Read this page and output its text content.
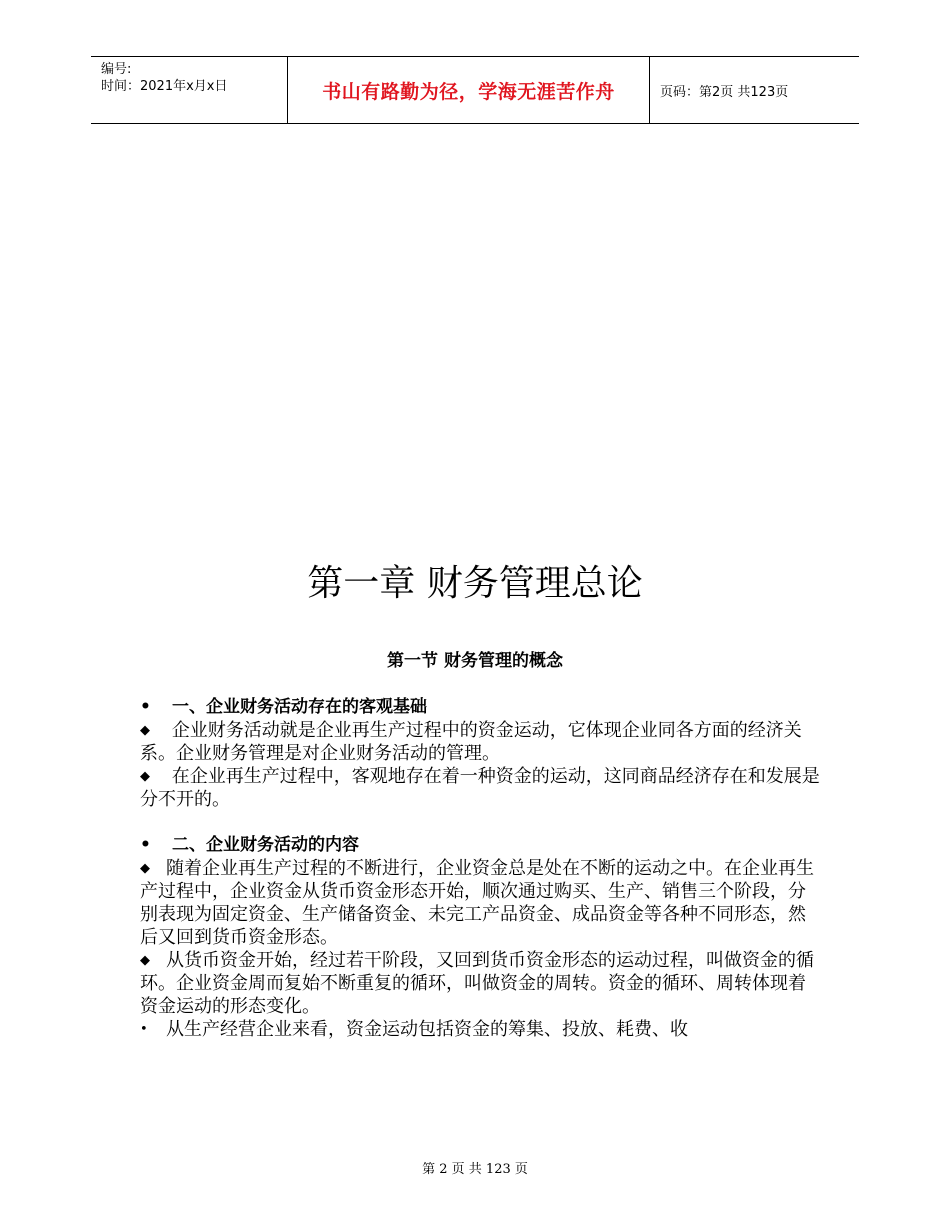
编号:
时间：2021年x月x日	书山有路勤为径，学海无涯苦作舟	页码：第2页 共123页
第一章 财务管理总论
第一节 财务管理的概念

• 一、企业财务活动存在的客观基础

◆ 企业财务活动就是企业再生产过程中的资金运动，它体现企业同各方面的经济关系。企业财务管理是对企业财务活动的管理。

◆ 在企业再生产过程中，客观地存在着一种资金的运动，这同商品经济存在和发展是分不开的。

• 二、企业财务活动的内容

◆ 随着企业再生产过程的不断进行，企业资金总是处在不断的运动之中。在企业再生产过程中，企业资金从货币资金形态开始，顺次通过购买、生产、销售三个阶段，分别表现为固定资金、生产储备资金、未完工产品资金、成品资金等各种不同形态，然后又回到货币资金形态。

◆ 从货币资金开始，经过若干阶段，又回到货币资金形态的运动过程，叫做资金的循环。企业资金周而复始不断重复的循环，叫做资金的周转。资金的循环、周转体现着资金运动的形态变化。

• 从生产经营企业来看，资金运动包括资金的筹集、投放、耗费、收

第 2 页 共 123 页
